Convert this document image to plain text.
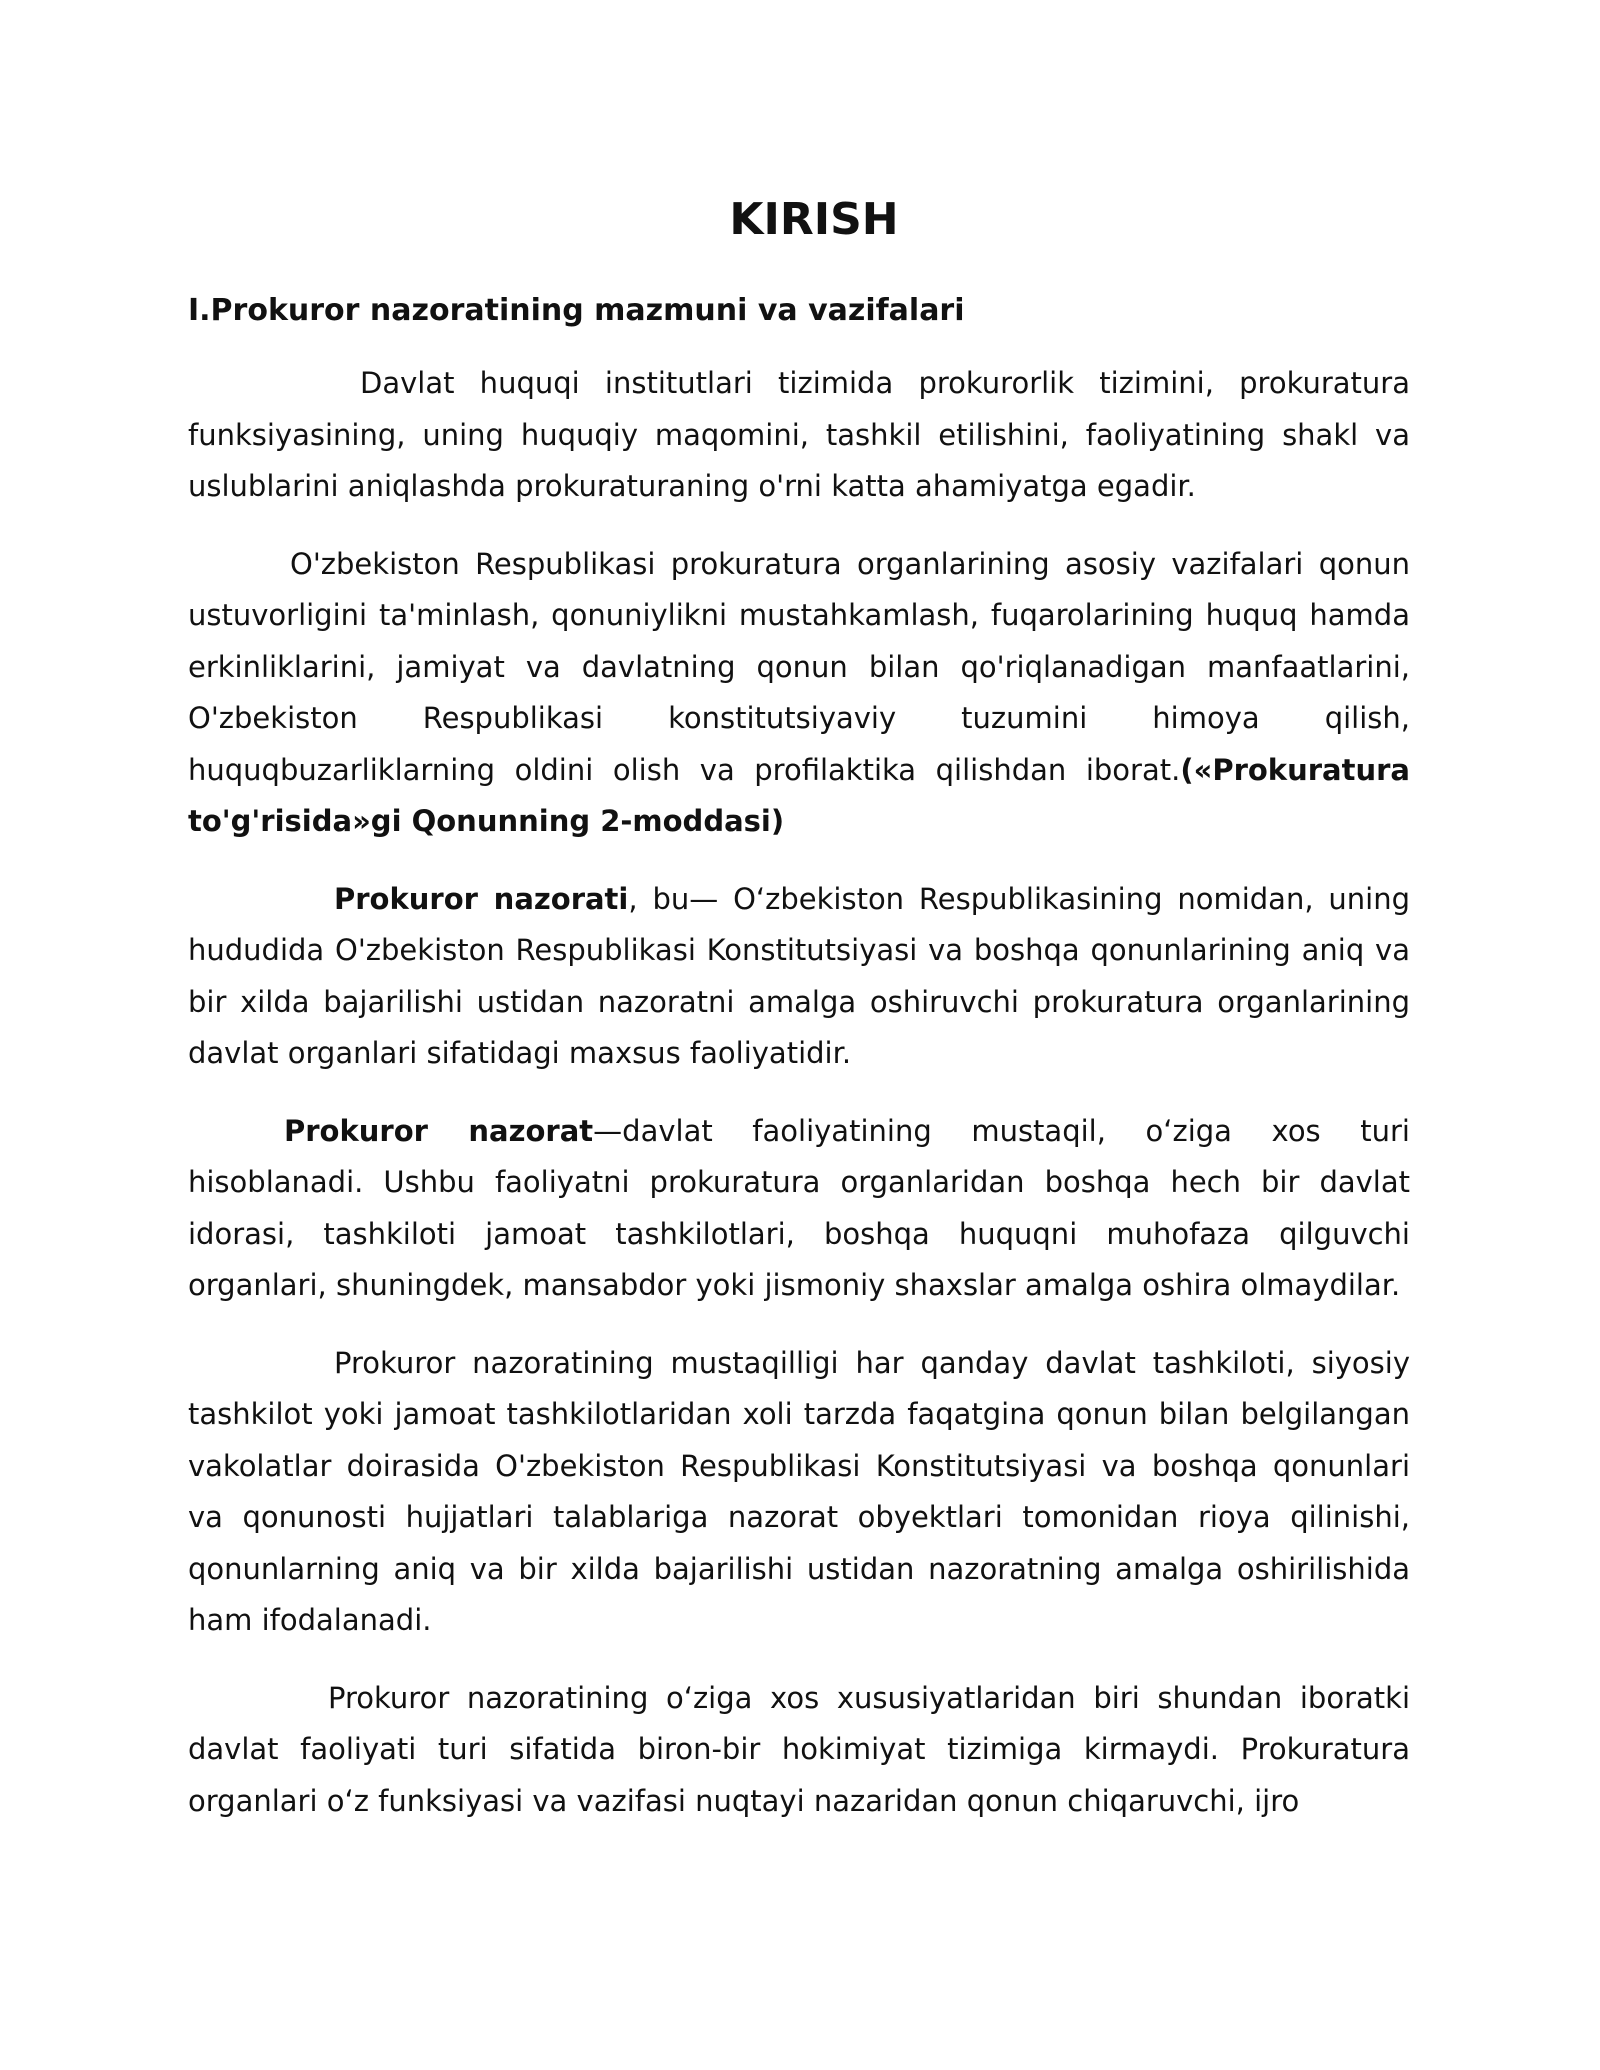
KIRISH
I.Prokuror nazoratining mazmuni va vazifalari

Davlat huquqi institutlari tizimida prokurorlik tizimini, prokuratura funksiyasining, uning huquqiy maqomini, tashkil etilishini, faoliyatining shakl va uslublarini aniqlashda prokuraturaning o'rni katta ahamiyatga egadir.

O'zbekiston Respublikasi prokuratura organlarining asosiy vazifalari qonun ustuvorligini ta'minlash, qonuniylikni mustahkamlash, fuqarolarining huquq hamda erkinliklarini, jamiyat va davlatning qonun bilan qo'riqlanadigan manfaatlarini, O'zbekiston Respublikasi konstitutsiyaviy tuzumini himoya qilish, huquqbuzarliklarning oldini olish va profilaktika qilishdan iborat.(«Prokuratura to'g'risida»gi Qonunning 2-moddasi)

Prokuror nazorati, bu— O‘zbekiston Respublikasining nomidan, uning hududida O'zbekiston Respublikasi Konstitutsiyasi va boshqa qonunlarining aniq va bir xilda bajarilishi ustidan nazoratni amalga oshiruvchi prokuratura organlarining davlat organlari sifatidagi maxsus faoliyatidir.

Prokuror nazorat—davlat faoliyatining mustaqil, o‘ziga xos turi hisoblanadi. Ushbu faoliyatni prokuratura organlaridan boshqa hech bir davlat idorasi, tashkiloti jamoat tashkilotlari, boshqa huquqni muhofaza qilguvchi organlari, shuningdek, mansabdor yoki jismoniy shaxslar amalga oshira olmaydilar.

Prokuror nazoratining mustaqilligi har qanday davlat tashkiloti, siyosiy tashkilot yoki jamoat tashkilotlaridan xoli tarzda faqatgina qonun bilan belgilangan vakolatlar doirasida O'zbekiston Respublikasi Konstitutsiyasi va boshqa qonunlari va qonunosti hujjatlari talablariga nazorat obyektlari tomonidan rioya qilinishi, qonunlarning aniq va bir xilda bajarilishi ustidan nazoratning amalga oshirilishida ham ifodalanadi.

Prokuror nazoratining o‘ziga xos xususiyatlaridan biri shundan iboratki davlat faoliyati turi sifatida biron-bir hokimiyat tizimiga kirmaydi. Prokuratura organlari o‘z funksiyasi va vazifasi nuqtayi nazaridan qonun chiqaruvchi, ijro
